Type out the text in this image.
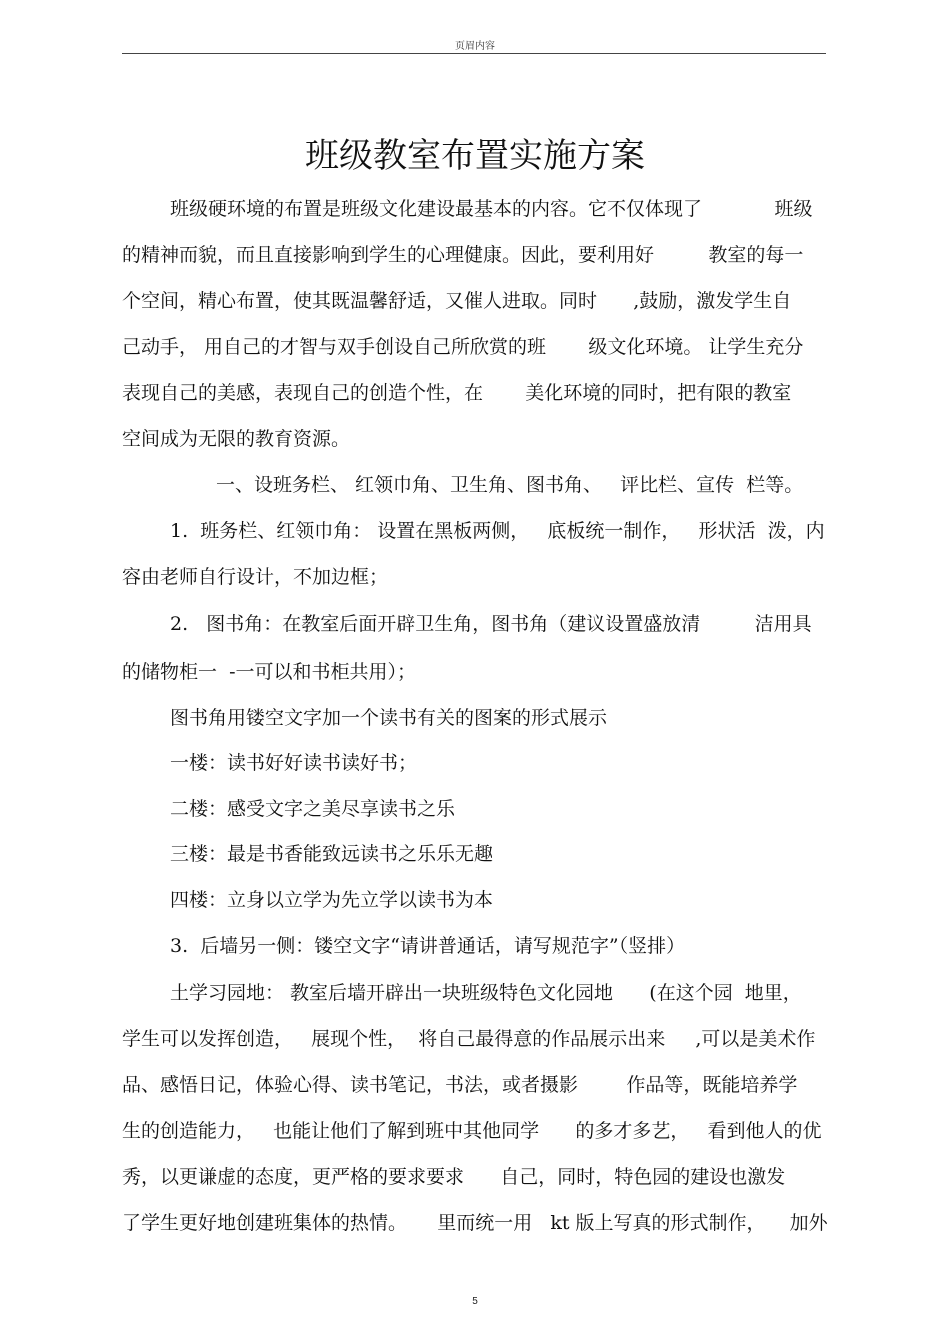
页眉内容
班级教室布置实施方案
班级硬环境的布置是班级文化建设最基本的内容。它不仅体现了            班级
的精神而貌，而且直接影响到学生的心理健康。因此，要利用好         教室的每一
个空间，精心布置，使其既温馨舒适，又催人进取。同时      ,鼓励，激发学生自
己动手， 用自己的才智与双手创设自己所欣赏的班       级文化环境。 让学生充分
表现自己的美感，表现自己的创造个性，在       美化环境的同时，把有限的教室
空间成为无限的教育资源。
一、设班务栏、 红领巾角、卫生角、图书角、   评比栏、宣传  栏等。
1.  班务栏、红领巾角： 设置在黑板两侧，   底板统一制作，   形状活  泼，内
容由老师自行设计，不加边框；
2.   图书角：在教室后面开辟卫生角，图书角（建议设置盛放清         洁用具
的储物柜一  -一可以和书柜共用）；
图书角用镂空文字加一个读书有关的图案的形式展示
一楼：读书好好读书读好书；
二楼：感受文字之美尽享读书之乐
三楼：最是书香能致远读书之乐乐无趣
四楼：立身以立学为先立学以读书为本
3.  后墙另一侧：镂空文字“请讲普通话，请写规范字”（竖排）
土学习园地： 教室后墙开辟出一块班级特色文化园地      (在这个园  地里，
学生可以发挥创造，   展现个性，  将自己最得意的作品展示出来     ,可以是美术作
品、感悟日记，体验心得、读书笔记，书法，或者摄影        作品等，既能培养学
生的创造能力，   也能让他们了解到班中其他同学      的多才多艺，   看到他人的优
秀，以更谦虚的态度，更严格的要求要求      自己，同时，特色园的建设也激发
了学生更好地创建班集体的热情。     里而统一用   kt 版上写真的形式制作，    加外
5
